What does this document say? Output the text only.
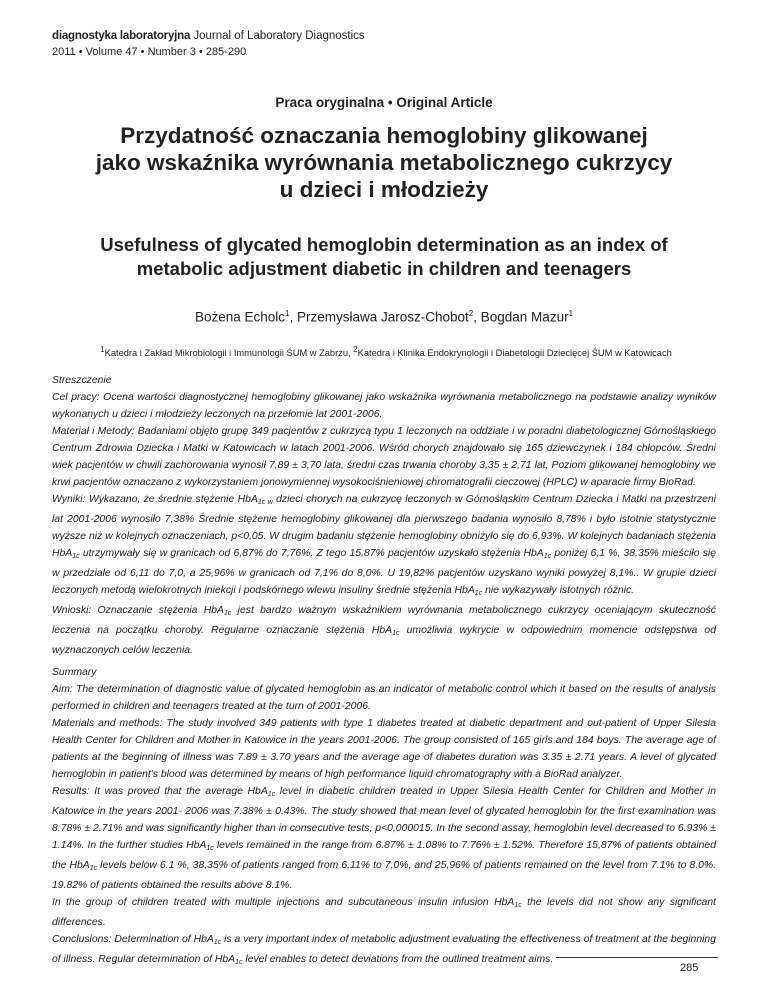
diagnostyka laboratoryjna Journal of Laboratory Diagnostics
2011 • Volume 47 • Number 3 • 285-290
Praca oryginalna • Original Article
Przydatność oznaczania hemoglobiny glikowanej
jako wskaźnika wyrównania metabolicznego cukrzycy
u dzieci i młodzieży
Usefulness of glycated hemoglobin determination as an index of
metabolic adjustment diabetic in children and teenagers
Bożena Echolc$^1$, Przemysława Jarosz-Chobot$^2$, Bogdan Mazur$^1$
$^1$Katedra i Zakład Mikrobiologii i Immunologii ŚUM w Zabrzu, $^2$Katedra i Klinika Endokrynologii i Diabetologii Dziecięcej ŚUM w Katowicach

Streszczenie

Cel pracy: Ocena wartości diagnostycznej hemoglobiny glikowanej jako wskaźnika wyrównania metabolicznego na podstawie analizy wyników wykonanych u dzieci i młodzieży leczonych na przełomie lat 2001-2006.

Materiał i Metody: Badaniami objęto grupę 349 pacjentów z cukrzycą typu 1 leczonych na oddziale i w poradni diabetologicznej Górnośląskiego Centrum Zdrowia Dziecka i Matki w Katowicach w latach 2001-2006. Wśród chorych znajdowało się 165 dziewczynek i 184 chłopców. Średni wiek pacjentów w chwili zachorowania wynosił 7,89 ± 3,70 lata, średni czas trwania choroby 3,35 ± 2,71 lat, Poziom glikowanej hemoglobiny we krwi pacjentów oznaczano z wykorzystaniem jonowymiennej wysokociśnieniowej chromatografii cieczowej (HPLC) w aparacie firmy BioRad.

Wyniki: Wykazano, że średnie stężenie HbA$_{1c w}$ dzieci chorych na cukrzycę leczonych w Górnośląskim Centrum Dziecka i Matki na przestrzeni lat 2001-2006 wynosiło 7,38% Średnie stężenie hemoglobiny glikowanej dla pierwszego badania wynosiło 8,78% i było istotnie statystycznie wyższe niż w kolejnych oznaczeniach, p<0,05. W drugim badaniu stężenie hemoglobiny obniżyło się do 6,93%. W kolejnych badaniach stężenia HbA$_{1c}$ utrzymywały się w granicach od 6,87% do 7,76%. Z tego 15,87% pacjentów uzyskało stężenia HbA$_{1c}$ poniżej 6,1 %, 38,35% mieściło się w przedziale od 6,11 do 7,0, a 25,96% w granicach od 7,1% do 8,0%. U 19,82% pacjentów uzyskano wyniki powyżej 8,1%.. W grupie dzieci leczonych metodą wielokrotnych iniekcji i podskórnego wlewu insuliny średnie stężenia HbA$_{1c}$ nie wykazywały istotnych różnic.

Wnioski: Oznaczanie stężenia HbA$_{1c}$ jest bardzo ważnym wskaźnikiem wyrównania metabolicznego cukrzycy oceniającym skuteczność leczenia na początku choroby. Regularne oznaczanie stężenia HbA$_{1c}$ umożliwia wykrycie w odpowiednim momencie odstępstwa od wyznaczonych celów leczenia.

Summary

Aim: The determination of diagnostic value of glycated hemoglobin as an indicator of metabolic control which it based on the results of analysis performed in children and teenagers treated at the turn of 2001-2006.

Materials and methods: The study involved 349 patients with type 1 diabetes treated at diabetic department and out-patient of Upper Silesia Health Center for Children and Mother in Katowice in the years 2001-2006. The group consisted of 165 girls and 184 boys. The average age of patients at the beginning of illness was 7.89 ± 3.70 years and the average age of diabetes duration was 3.35 ± 2.71 years. A level of glycated hemoglobin in patient's blood was determined by means of high performance liquid chromatography with a BioRad analyzer.

Results: It was proved that the average HbA$_{1c}$ level in diabetic children treated in Upper Silesia Health Center for Children and Mother in Katowice in the years 2001- 2006 was 7.38% ± 0.43%. The study showed that mean level of glycated hemoglobin for the first examination was 8.78% ± 2.71% and was significantly higher than in consecutive tests, p<0,000015. In the second assay, hemoglobin level decreased to 6.93% ± 1.14%. In the further studies HbA$_{1c}$ levels remained in the range from 6.87% ± 1.08% to 7.76% ± 1.52%. Therefore 15,87% of patients obtained the HbA$_{1c}$ levels below 6.1 %, 38,35% of patients ranged from 6,11% to 7,0%, and 25,96% of patients remained on the level from 7.1% to 8.0%. 19.82% of patients obtained the results above 8.1%.

In the group of children treated with multiple injections and subcutaneous insulin infusion HbA$_{1c}$ the levels did not show any significant differences.

Conclusions: Determination of HbA$_{1c}$ is a very important index of metabolic adjustment evaluating the effectiveness of treatment at the beginning of illness. Regular determination of HbA$_{1c}$ level enables to detect deviations from the outlined treatment aims.

285
